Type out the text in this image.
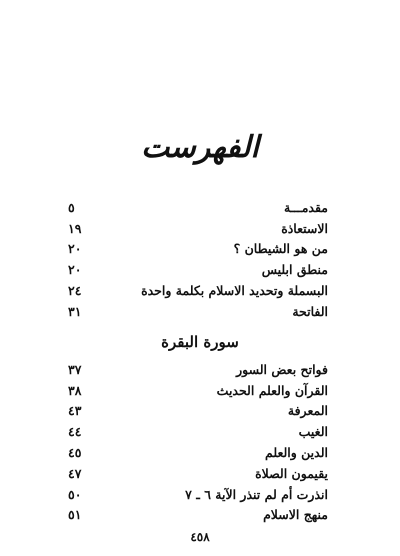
الفهرست
مقدمـــة
٥
الاستعاذة
١٩
من هو الشيطان ؟
٢٠
منطق ابليس
٢٠
البسملة وتحديد الاسلام بكلمة واحدة
٢٤
الفاتحة
٣١
سورة البقرة
فواتح بعض السور
٣٧
القرآن والعلم الحديث
٣٨
المعرفة
٤٣
الغيب
٤٤
الدين والعلم
٤٥
يقيمون الصلاة
٤٧
انذرت أم لم تنذر الآية ٦ ـ ٧
٥٠
منهج الاسلام
٥١
٤٥٨
